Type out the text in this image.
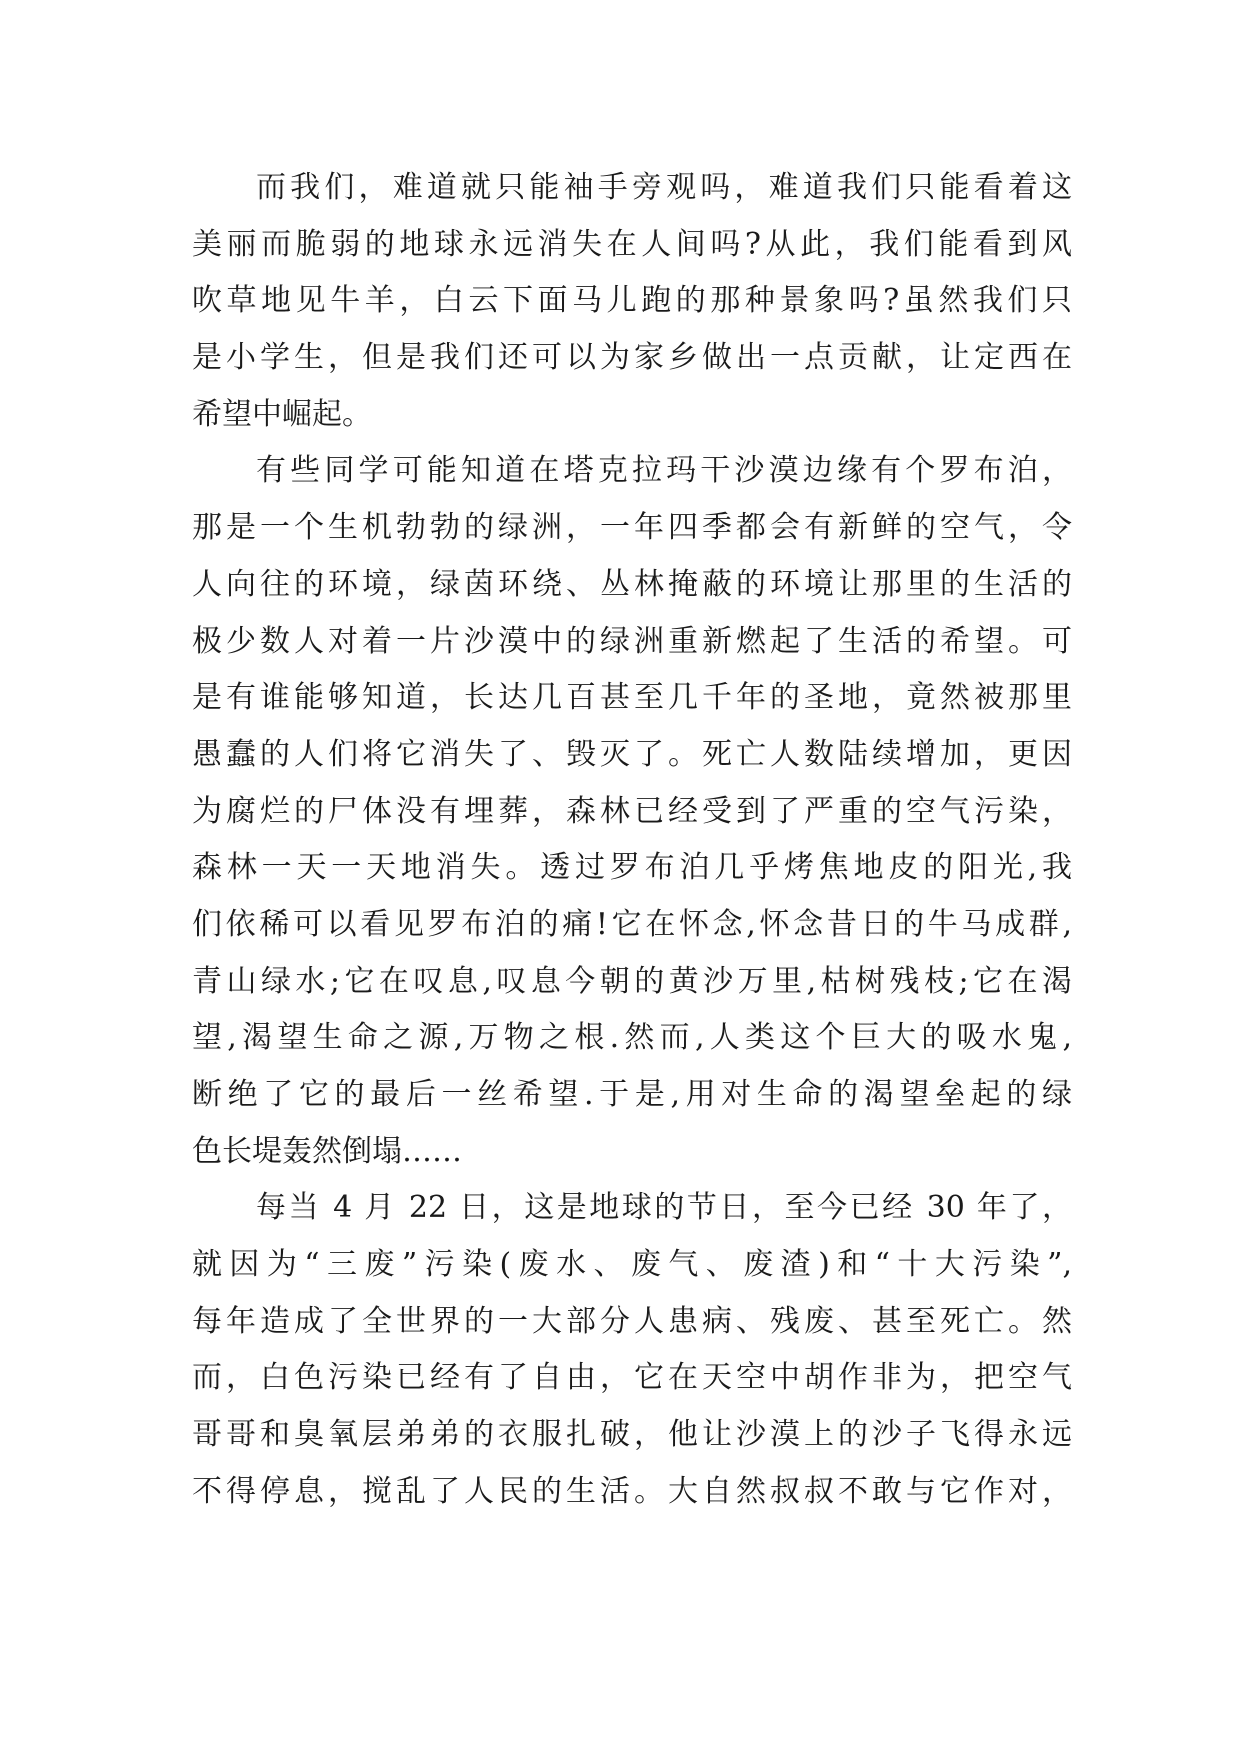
而我们，难道就只能袖手旁观吗，难道我们只能看着这
美丽而脆弱的地球永远消失在人间吗?从此，我们能看到风
吹草地见牛羊，白云下面马儿跑的那种景象吗?虽然我们只
是小学生，但是我们还可以为家乡做出一点贡献，让定西在
希望中崛起。
有些同学可能知道在塔克拉玛干沙漠边缘有个罗布泊，
那是一个生机勃勃的绿洲，一年四季都会有新鲜的空气，令
人向往的环境，绿茵环绕、丛林掩蔽的环境让那里的生活的
极少数人对着一片沙漠中的绿洲重新燃起了生活的希望。可
是有谁能够知道，长达几百甚至几千年的圣地，竟然被那里
愚蠢的人们将它消失了、毁灭了。死亡人数陆续增加，更因
为腐烂的尸体没有埋葬，森林已经受到了严重的空气污染，
森林一天一天地消失。透过罗布泊几乎烤焦地皮的阳光,我
们依稀可以看见罗布泊的痛!它在怀念,怀念昔日的牛马成群,
青山绿水;它在叹息,叹息今朝的黄沙万里,枯树残枝;它在渴
望,渴望生命之源,万物之根.然而,人类这个巨大的吸水鬼,
断绝了它的最后一丝希望.于是,用对生命的渴望垒起的绿
色长堤轰然倒塌……
每当 4 月 22 日，这是地球的节日，至今已经 30 年了，
就因为“三废”污染(废水、废气、废渣)和“十大污染”,
每年造成了全世界的一大部分人患病、残废、甚至死亡。然
而，白色污染已经有了自由，它在天空中胡作非为，把空气
哥哥和臭氧层弟弟的衣服扎破，他让沙漠上的沙子飞得永远
不得停息，搅乱了人民的生活。大自然叔叔不敢与它作对，
